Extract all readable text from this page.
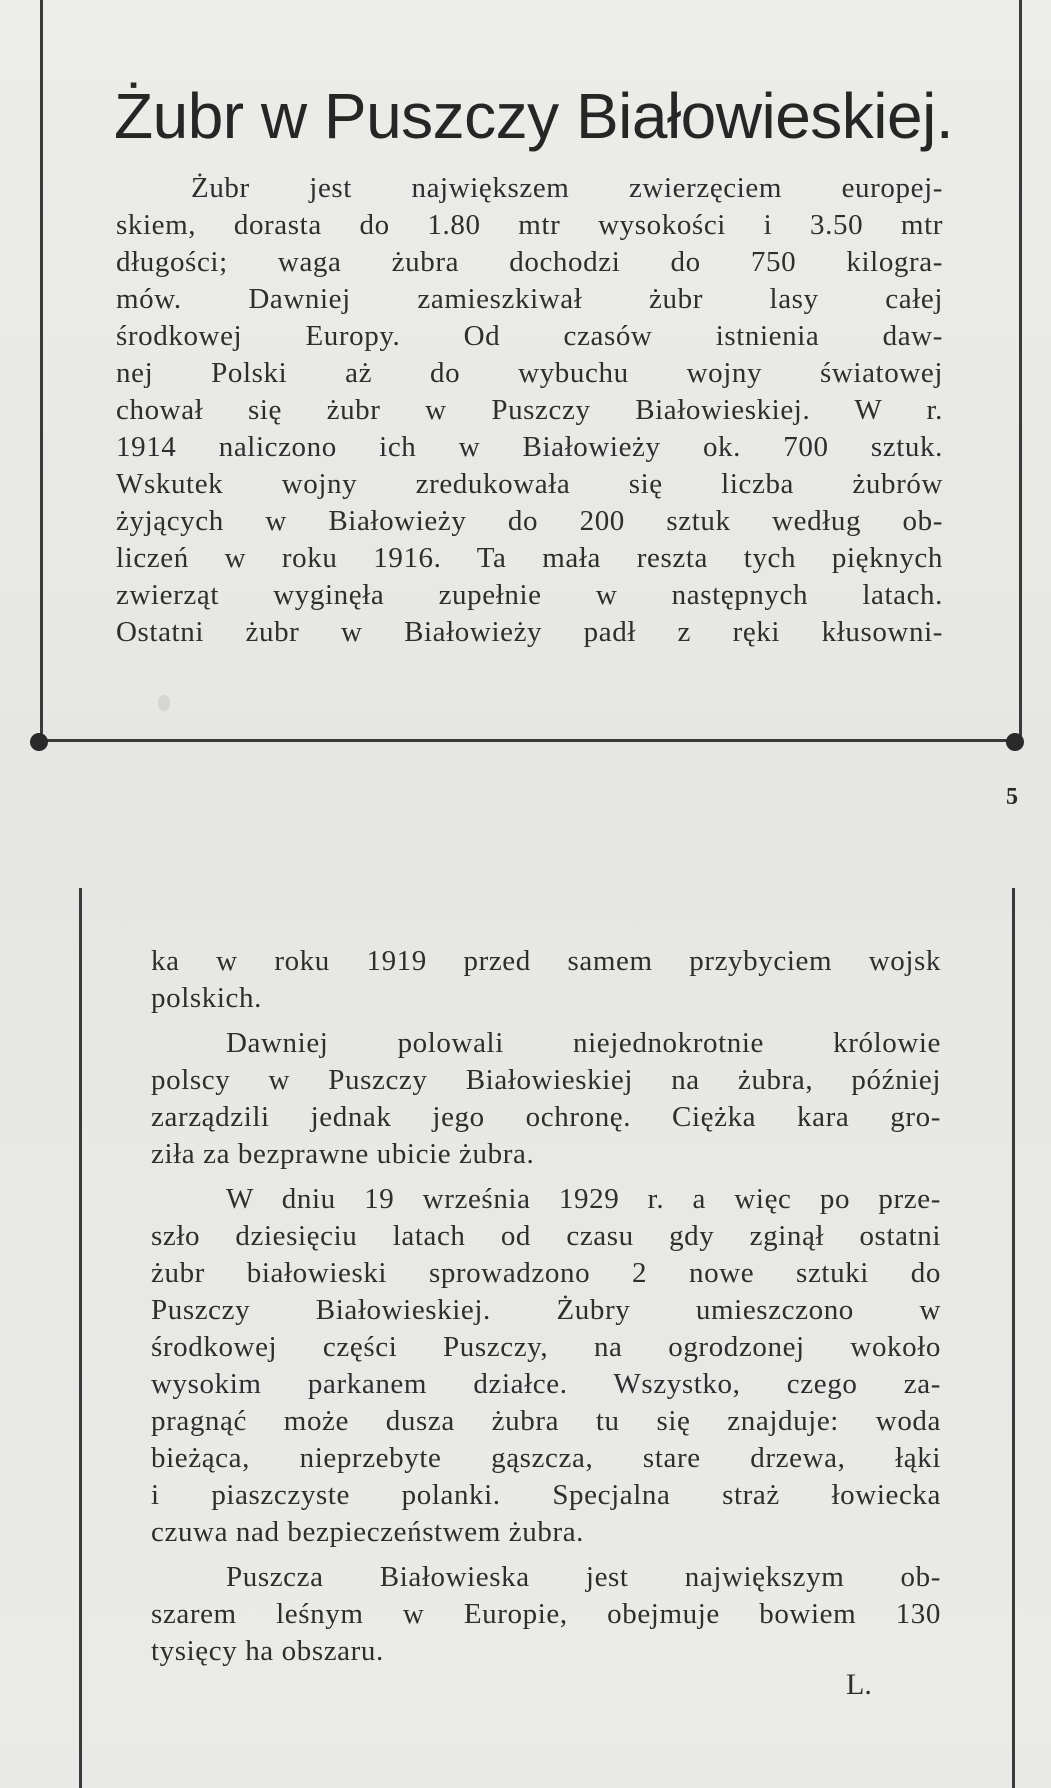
Żubr w Puszczy Białowieskiej.
Żubr jest największem zwierzęciem europej-
skiem, dorasta do 1.80 mtr wysokości i 3.50 mtr
długości; waga żubra dochodzi do 750 kilogra-
mów. Dawniej zamieszkiwał żubr lasy całej
środkowej Europy. Od czasów istnienia daw-
nej Polski aż do wybuchu wojny światowej
chował się żubr w Puszczy Białowieskiej. W r.
1914 naliczono ich w Białowieży ok. 700 sztuk.
Wskutek wojny zredukowała się liczba żubrów
żyjących w Białowieży do 200 sztuk według ob-
liczeń w roku 1916. Ta mała reszta tych pięknych
zwierząt wyginęła zupełnie w następnych latach.
Ostatni żubr w Białowieży padł z ręki kłusowni-
5
ka w roku 1919 przed samem przybyciem wojsk
polskich.
Dawniej polowali niejednokrotnie królowie
polscy w Puszczy Białowieskiej na żubra, później
zarządzili jednak jego ochronę. Ciężka kara gro-
ziła za bezprawne ubicie żubra.
W dniu 19 września 1929 r. a więc po prze-
szło dziesięciu latach od czasu gdy zginął ostatni
żubr białowieski sprowadzono 2 nowe sztuki do
Puszczy Białowieskiej. Żubry umieszczono w
środkowej części Puszczy, na ogrodzonej wokoło
wysokim parkanem działce. Wszystko, czego za-
pragnąć może dusza żubra tu się znajduje: woda
bieżąca, nieprzebyte gąszcza, stare drzewa, łąki
i piaszczyste polanki. Specjalna straż łowiecka
czuwa nad bezpieczeństwem żubra.
Puszcza Białowieska jest największym ob-
szarem leśnym w Europie, obejmuje bowiem 130
tysięcy ha obszaru.
L.
